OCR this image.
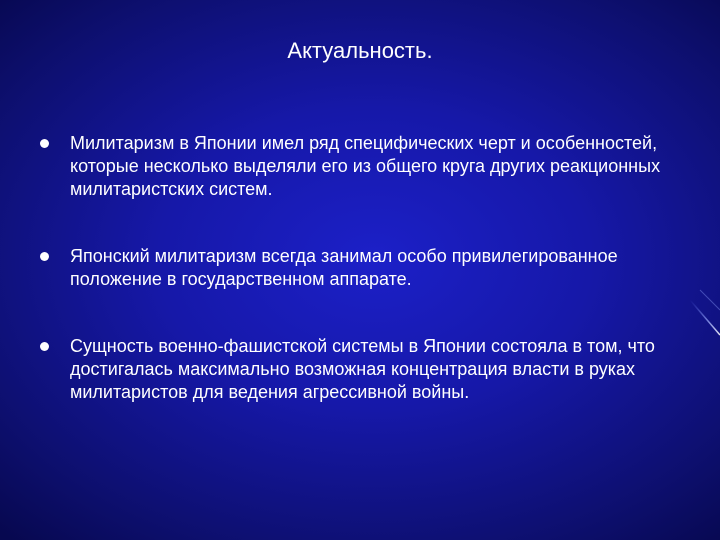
Актуальность.
Милитаризм в Японии имел ряд специфических черт и особенностей, которые несколько выделяли его из общего круга других реакционных милитаристских систем.
Японский милитаризм всегда занимал особо привилегированное положение в государственном аппарате.
Сущность военно-фашистской системы в Японии состояла в том, что достигалась максимально возможная концентрация власти в руках милитаристов для ведения агрессивной войны.
